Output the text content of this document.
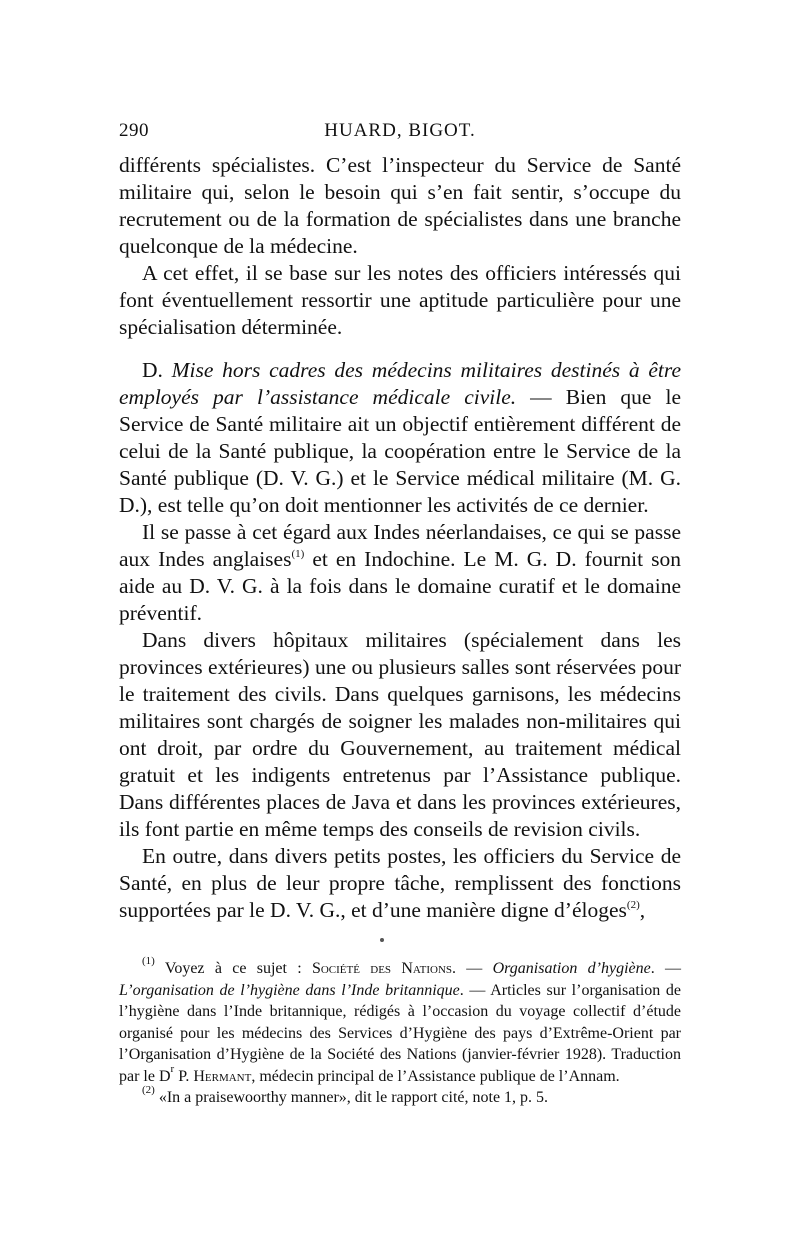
290	HUARD, BIGOT.

différents spécialistes. C’est l’inspecteur du Service de Santé militaire qui, selon le besoin qui s’en fait sentir, s’occupe du recrutement ou de la formation de spécialistes dans une branche quelconque de la médecine.

A cet effet, il se base sur les notes des officiers intéressés qui font éventuellement ressortir une aptitude particulière pour une spécialisation déterminée.

D. Mise hors cadres des médecins militaires destinés à être employés par l’assistance médicale civile. — Bien que le Service de Santé militaire ait un objectif entièrement différent de celui de la Santé publique, la coopération entre le Service de la Santé publique (D. V. G.) et le Service médical militaire (M. G. D.), est telle qu’on doit mentionner les activités de ce dernier.

Il se passe à cet égard aux Indes néerlandaises, ce qui se passe aux Indes anglaises$^{(1)}$ et en Indochine. Le M. G. D. fournit son aide au D. V. G. à la fois dans le domaine curatif et le domaine préventif.

Dans divers hôpitaux militaires (spécialement dans les provinces extérieures) une ou plusieurs salles sont réservées pour le traitement des civils. Dans quelques garnisons, les médecins militaires sont chargés de soigner les malades non-militaires qui ont droit, par ordre du Gouvernement, au traitement médical gratuit et les indigents entretenus par l’Assistance publique. Dans différentes places de Java et dans les provinces extérieures, ils font partie en même temps des conseils de revision civils.

En outre, dans divers petits postes, les officiers du Service de Santé, en plus de leur propre tâche, remplissent des fonctions supportées par le D. V. G., et d’une manière digne d’éloges$^{(2)}$,

$^{(1)}$ Voyez à ce sujet : Société des Nations. — Organisation d’hygiène. — L’organisation de l’hygiène dans l’Inde britannique. — Articles sur l’organisation de l’hygiène dans l’Inde britannique, rédigés à l’occasion du voyage collectif d’étude organisé pour les médecins des Services d’Hygiène des pays d’Extrême-Orient par l’Organisation d’Hygiène de la Société des Nations (janvier-février 1928). Traduction par le D$^r$ P. Hermant, médecin principal de l’Assistance publique de l’Annam.

$^{(2)}$ «In a praisewoorthy manner», dit le rapport cité, note 1, p. 5.
